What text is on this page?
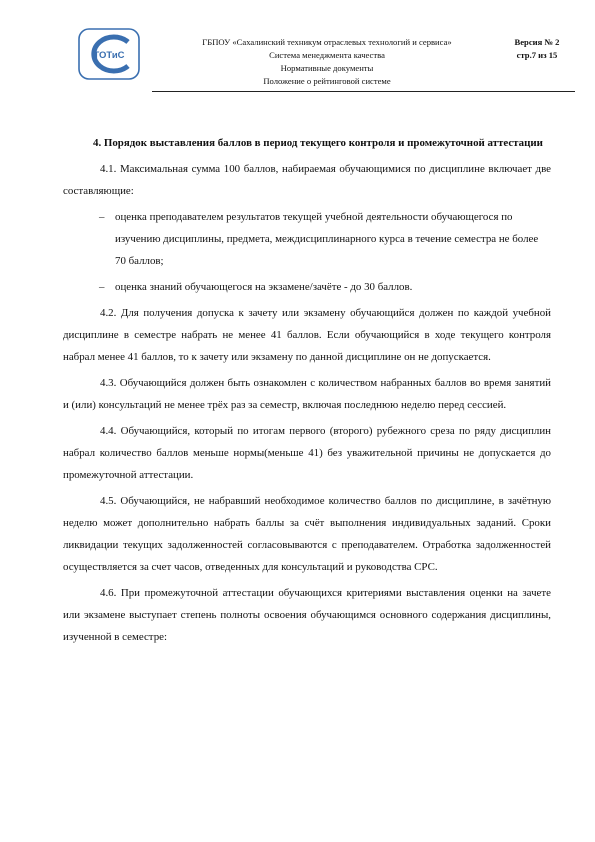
ТОТиС
ГБПОУ «Сахалинский техникум отраслевых технологий и сервиса»
Система менеджмента качества
Нормативные документы
Положение о рейтинговой системе
Версия № 2
стр.7 из 15

4. Порядок выставления баллов в период текущего контроля и промежуточной аттестации

4.1. Максимальная сумма 100 баллов, набираемая обучающимися по дисциплине включает две составляющие:

– оценка преподавателем результатов текущей учебной деятельности обучающегося по изучению дисциплины, предмета, междисциплинарного курса в течение семестра не более 70 баллов;

– оценка знаний обучающегося на экзамене/зачёте - до 30 баллов.

4.2. Для получения допуска к зачету или экзамену обучающийся должен по каждой учебной дисциплине в семестре набрать не менее 41 баллов. Если обучающийся в ходе текущего контроля набрал менее 41 баллов, то к зачету или экзамену по данной дисциплине он не допускается.

4.3. Обучающийся должен быть ознакомлен с количеством набранных баллов во время занятий и (или) консультаций не менее трёх раз за семестр, включая последнюю неделю перед сессией.

4.4. Обучающийся, который по итогам первого (второго) рубежного среза по ряду дисциплин набрал количество баллов меньше нормы(меньше 41) без уважительной причины не допускается до промежуточной аттестации.

4.5. Обучающийся, не набравший необходимое количество баллов по дисциплине, в зачётную неделю может дополнительно набрать баллы за счёт выполнения индивидуальных заданий. Сроки ликвидации текущих задолженностей согласовываются с преподавателем. Отработка задолженностей осуществляется за счет часов, отведенных для консультаций и руководства СРС.

4.6. При промежуточной аттестации обучающихся критериями выставления оценки на зачете или экзамене выступает степень полноты освоения обучающимся основного содержания дисциплины, изученной в семестре:
